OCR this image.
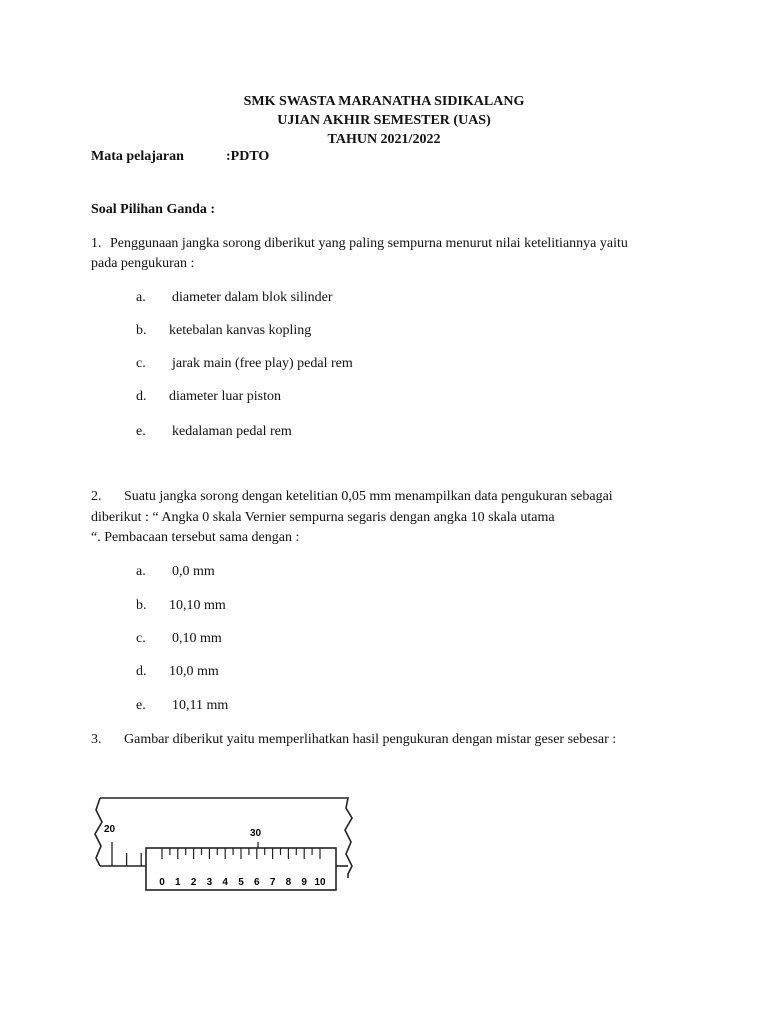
SMK SWASTA MARANATHA SIDIKALANG
UJIAN AKHIR SEMESTER (UAS)
TAHUN 2021/2022
Mata pelajaran	:PDTO
Soal Pilihan Ganda :
1. Penggunaan jangka sorong diberikut yang paling sempurna menurut nilai ketelitiannya yaitu
pada pengukuran :
a. diameter dalam blok silinder
b. ketebalan kanvas kopling
c. jarak main (free play) pedal rem
d. diameter luar piston
e. kedalaman pedal rem
2. Suatu jangka sorong dengan ketelitian 0,05 mm menampilkan data pengukuran sebagai
diberikut : “ Angka 0 skala Vernier sempurna segaris dengan angka 10 skala utama
“. Pembacaan tersebut sama dengan :
a. 0,0 mm
b. 10,10 mm
c. 0,10 mm
d. 10,0 mm
e. 10,11 mm
3. Gambar diberikut yaitu memperlihatkan hasil pengukuran dengan mistar geser sebesar :
20	30
0 1 2 3 4 5 6 7 8 9 10
